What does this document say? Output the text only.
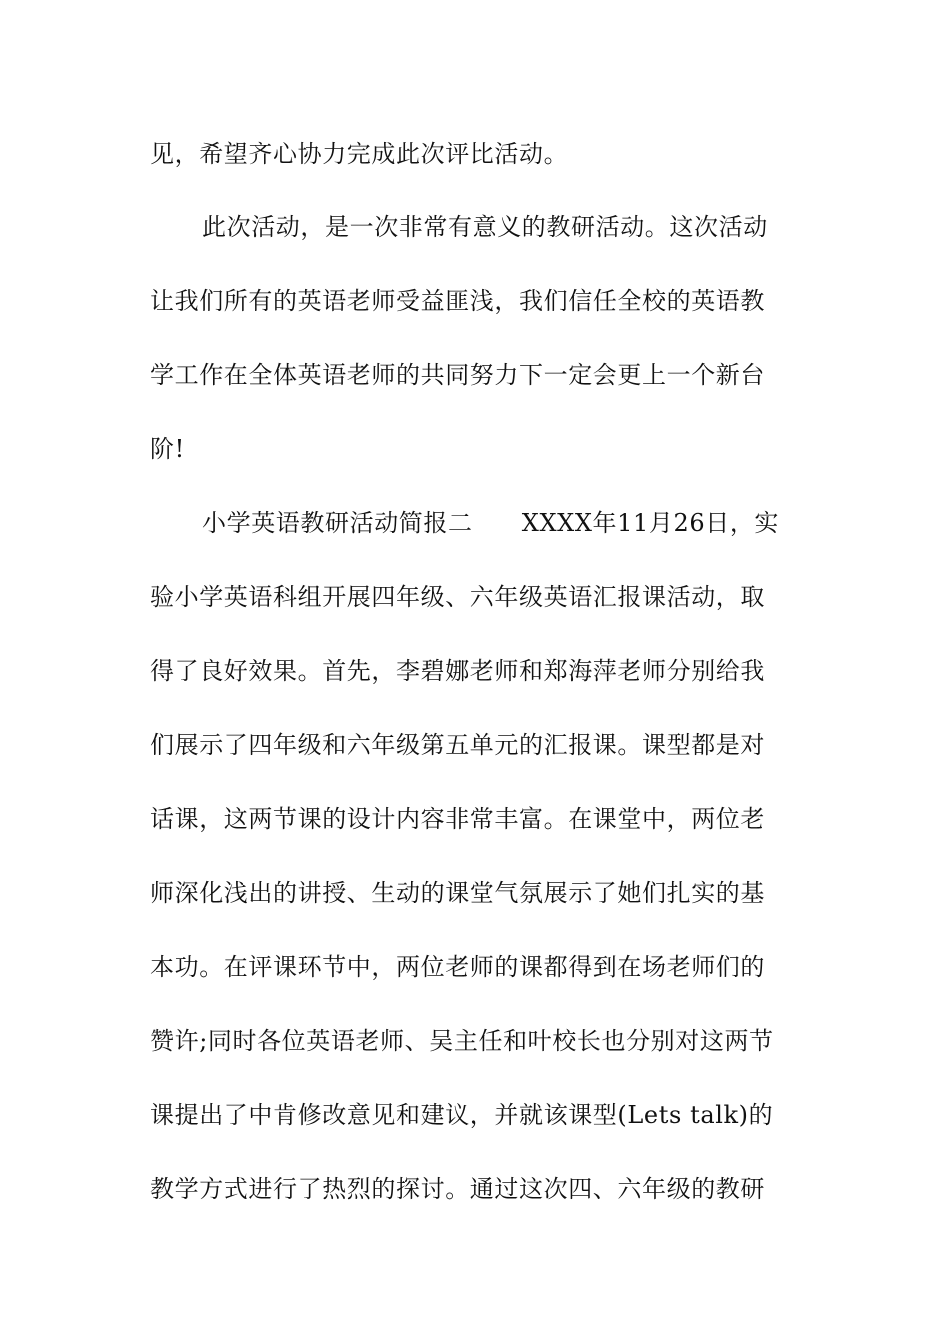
见，希望齐心协力完成此次评比活动。
此次活动，是一次非常有意义的教研活动。这次活动
让我们所有的英语老师受益匪浅，我们信任全校的英语教
学工作在全体英语老师的共同努力下一定会更上一个新台
阶!
小学英语教研活动简报二　　XXXX年11月26日，实
验小学英语科组开展四年级、六年级英语汇报课活动，取
得了良好效果。首先，李碧娜老师和郑海萍老师分别给我
们展示了四年级和六年级第五单元的汇报课。课型都是对
话课，这两节课的设计内容非常丰富。在课堂中，两位老
师深化浅出的讲授、生动的课堂气氛展示了她们扎实的基
本功。在评课环节中，两位老师的课都得到在场老师们的
赞许;同时各位英语老师、吴主任和叶校长也分别对这两节
课提出了中肯修改意见和建议，并就该课型(Lets talk)的
教学方式进行了热烈的探讨。通过这次四、六年级的教研
